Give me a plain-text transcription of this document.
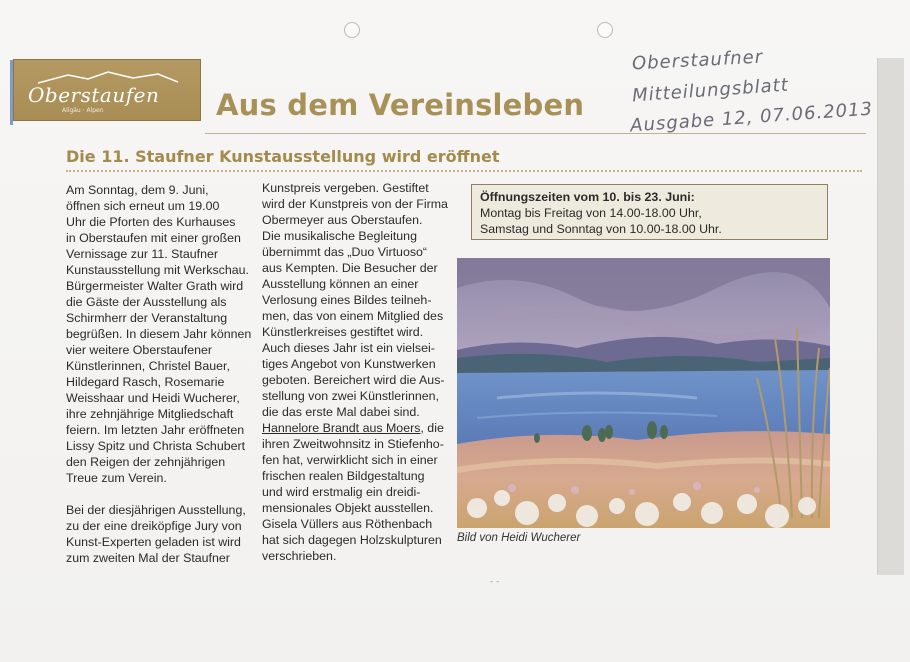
Oberstaufen
Allgäu · Alpen	Aus dem Vereinsleben
Oberstaufner
Mitteilungsblatt
Ausgabe 12, 07.06.2013
Die 11. Staufner Kunstausstellung wird eröffnet
Am Sonntag, dem 9. Juni,
öffnen sich erneut um 19.00
Uhr die Pforten des Kurhauses
in Oberstaufen mit einer großen
Vernissage zur 11. Staufner
Kunstausstellung mit Werkschau.
Bürgermeister Walter Grath wird
die Gäste der Ausstellung als
Schirmherr der Veranstaltung
begrüßen. In diesem Jahr können
vier weitere Oberstaufener
Künstlerinnen, Christel Bauer,
Hildegard Rasch, Rosemarie
Weisshaar und Heidi Wucherer,
ihre zehnjährige Mitgliedschaft
feiern. Im letzten Jahr eröffneten
Lissy Spitz und Christa Schubert
den Reigen der zehnjährigen
Treue zum Verein.

Bei der diesjährigen Ausstellung,
zu der eine dreiköpfige Jury von
Kunst-Experten geladen ist wird
zum zweiten Mal der Staufner
Kunstpreis vergeben. Gestiftet
wird der Kunstpreis von der Firma
Obermeyer aus Oberstaufen.
Die musikalische Begleitung
übernimmt das „Duo Virtuoso“
aus Kempten. Die Besucher der
Ausstellung können an einer
Verlosung eines Bildes teilneh-
men, das von einem Mitglied des
Künstlerkreises gestiftet wird.
Auch dieses Jahr ist ein vielsei-
tiges Angebot von Kunstwerken
geboten. Bereichert wird die Aus-
stellung von zwei Künstlerinnen,
die das erste Mal dabei sind.
Hannelore Brandt aus Moers, die
ihren Zweitwohnsitz in Stiefenho-
fen hat, verwirklicht sich in einer
frischen realen Bildgestaltung
und wird erstmalig ein dreidi-
mensionales Objekt ausstellen.
Gisela Vüllers aus Röthenbach
hat sich dagegen Holzskulpturen
verschrieben.
Öffnungszeiten vom 10. bis 23. Juni:
Montag bis Freitag von 14.00-18.00 Uhr,
Samstag und Sonntag von 10.00-18.00 Uhr.
Bild von Heidi Wucherer
- -
